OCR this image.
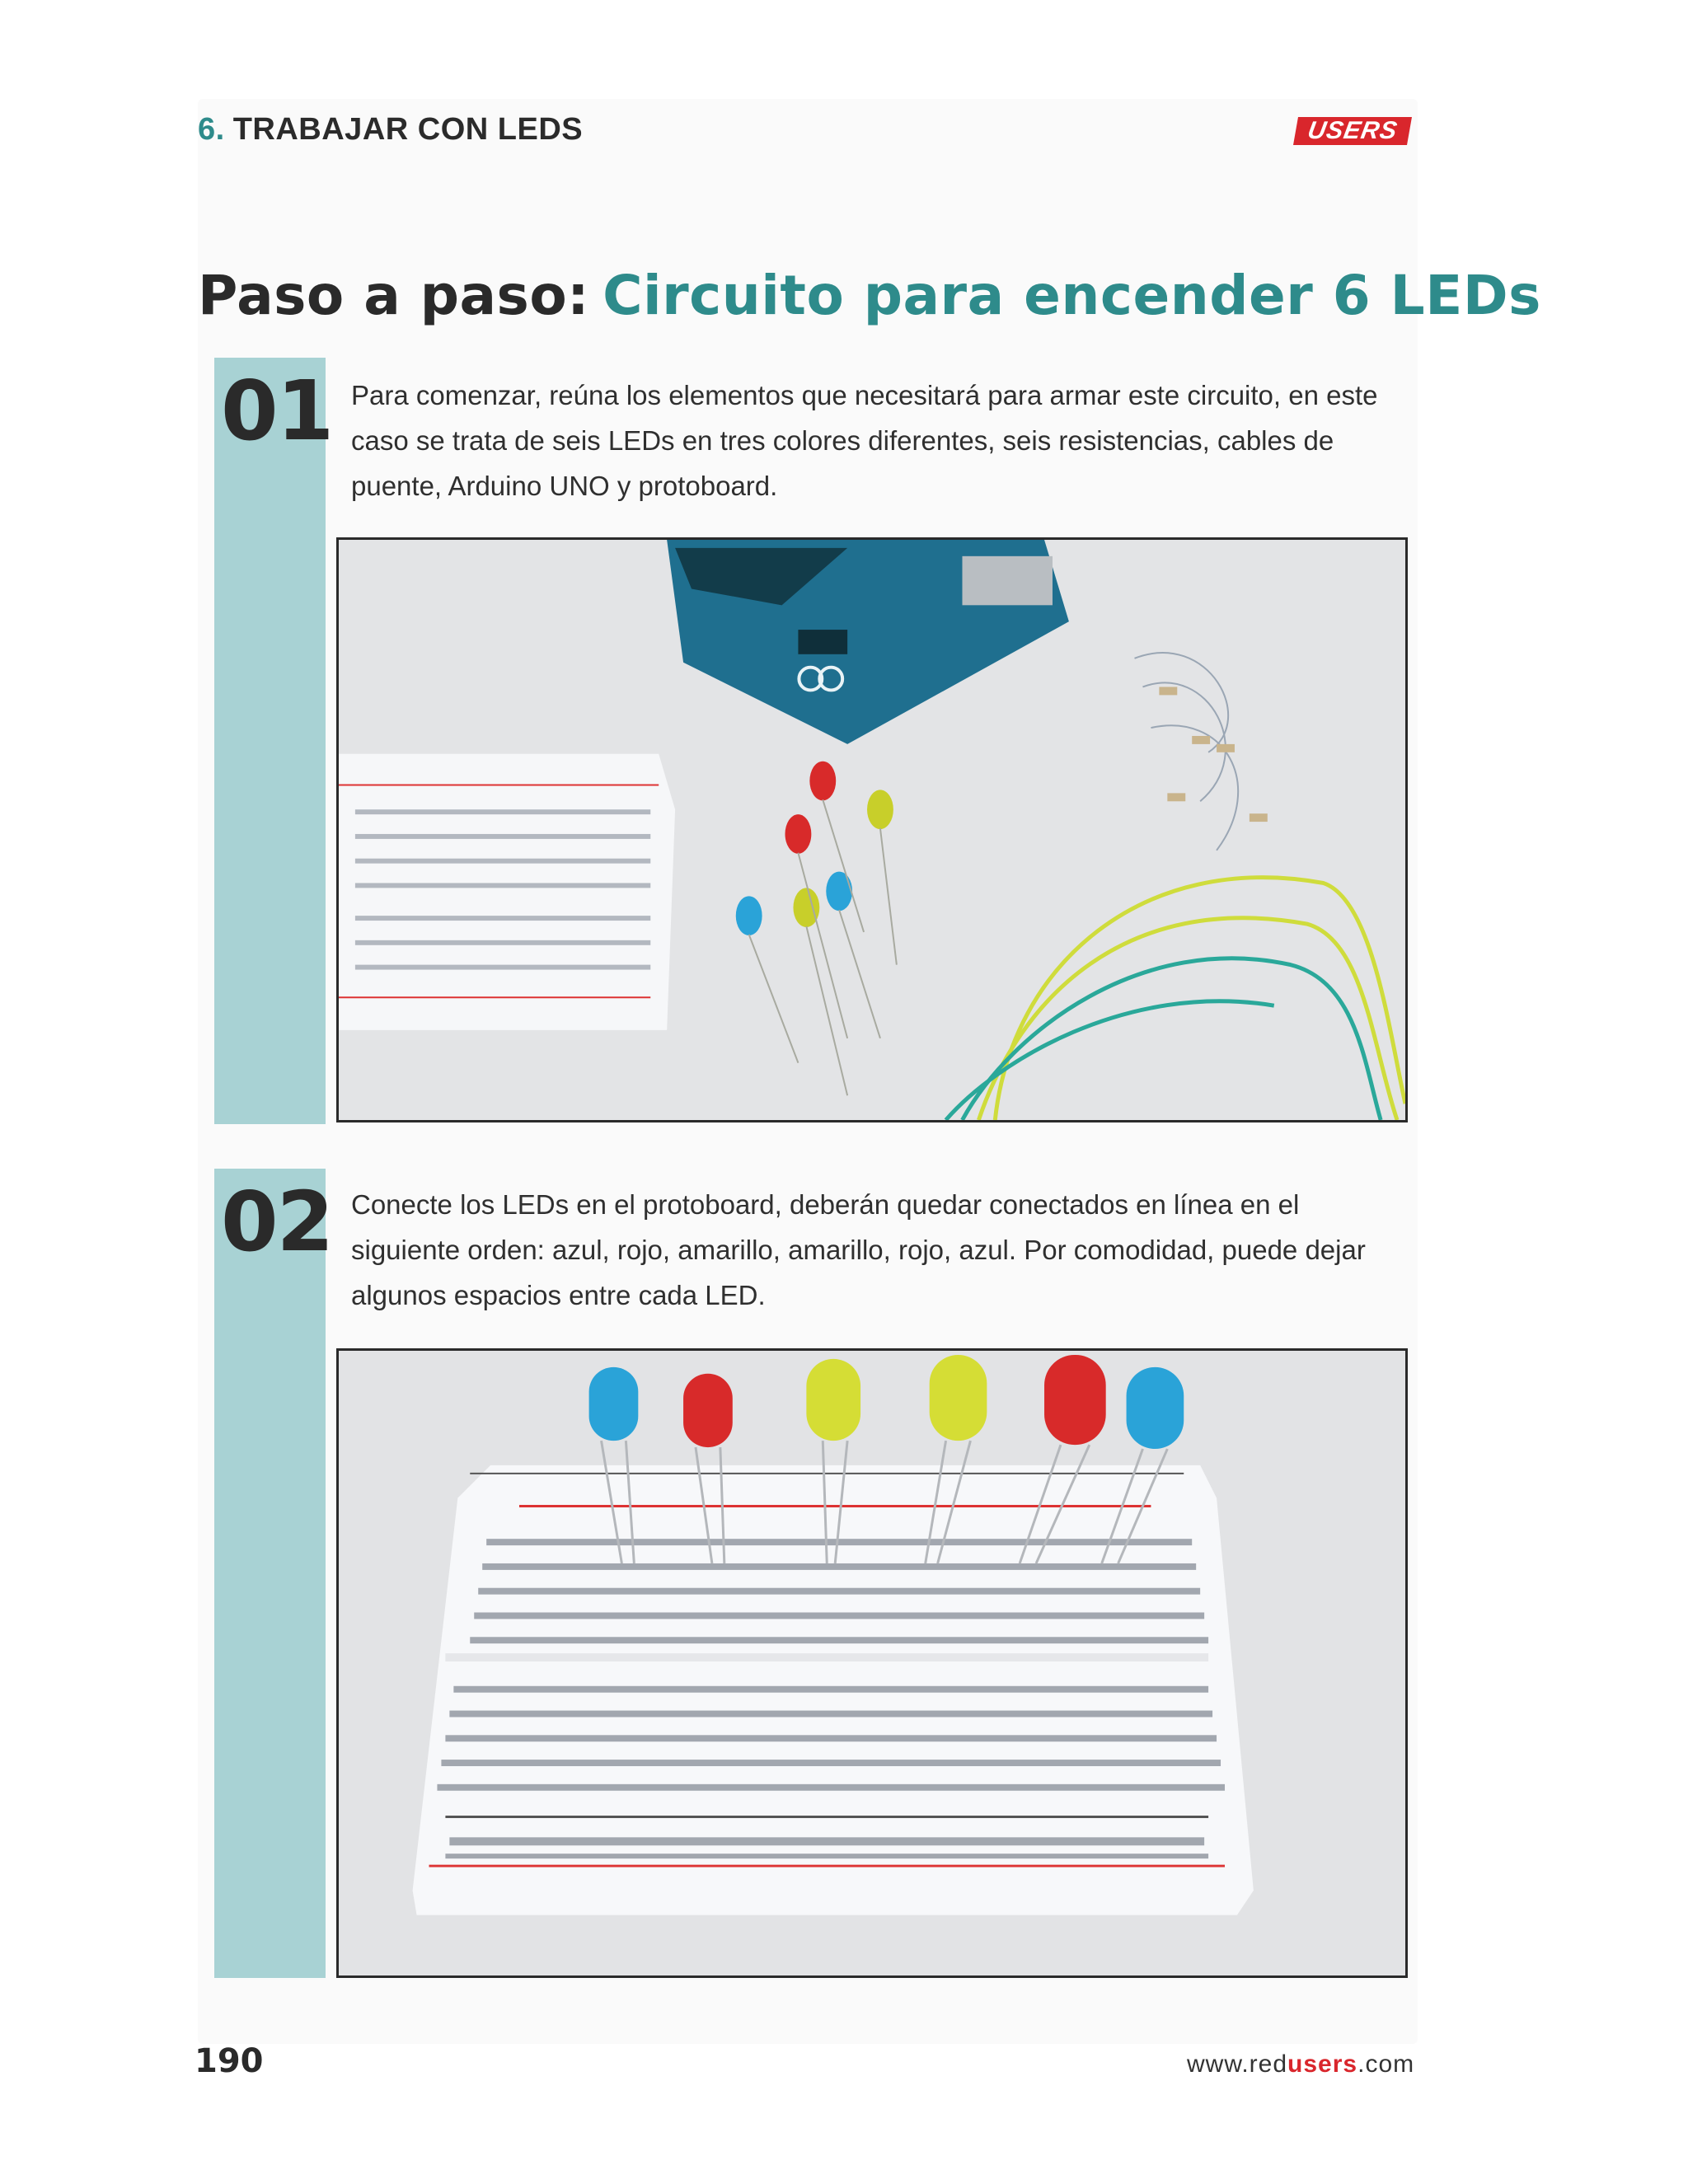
6. TRABAJAR CON LEDS	USERS
Paso a paso: Circuito para encender 6 LEDs
01 Para comenzar, reúna los elementos que necesitará para armar este circuito, en este caso se trata de seis LEDs en tres colores diferentes, seis resistencias, cables de puente, Arduino UNO y protoboard.
02 Conecte los LEDs en el protoboard, deberán quedar conectados en línea en el siguiente orden: azul, rojo, amarillo, amarillo, rojo, azul. Por comodidad, puede dejar algunos espacios entre cada LED.
190	www.redusers.com
